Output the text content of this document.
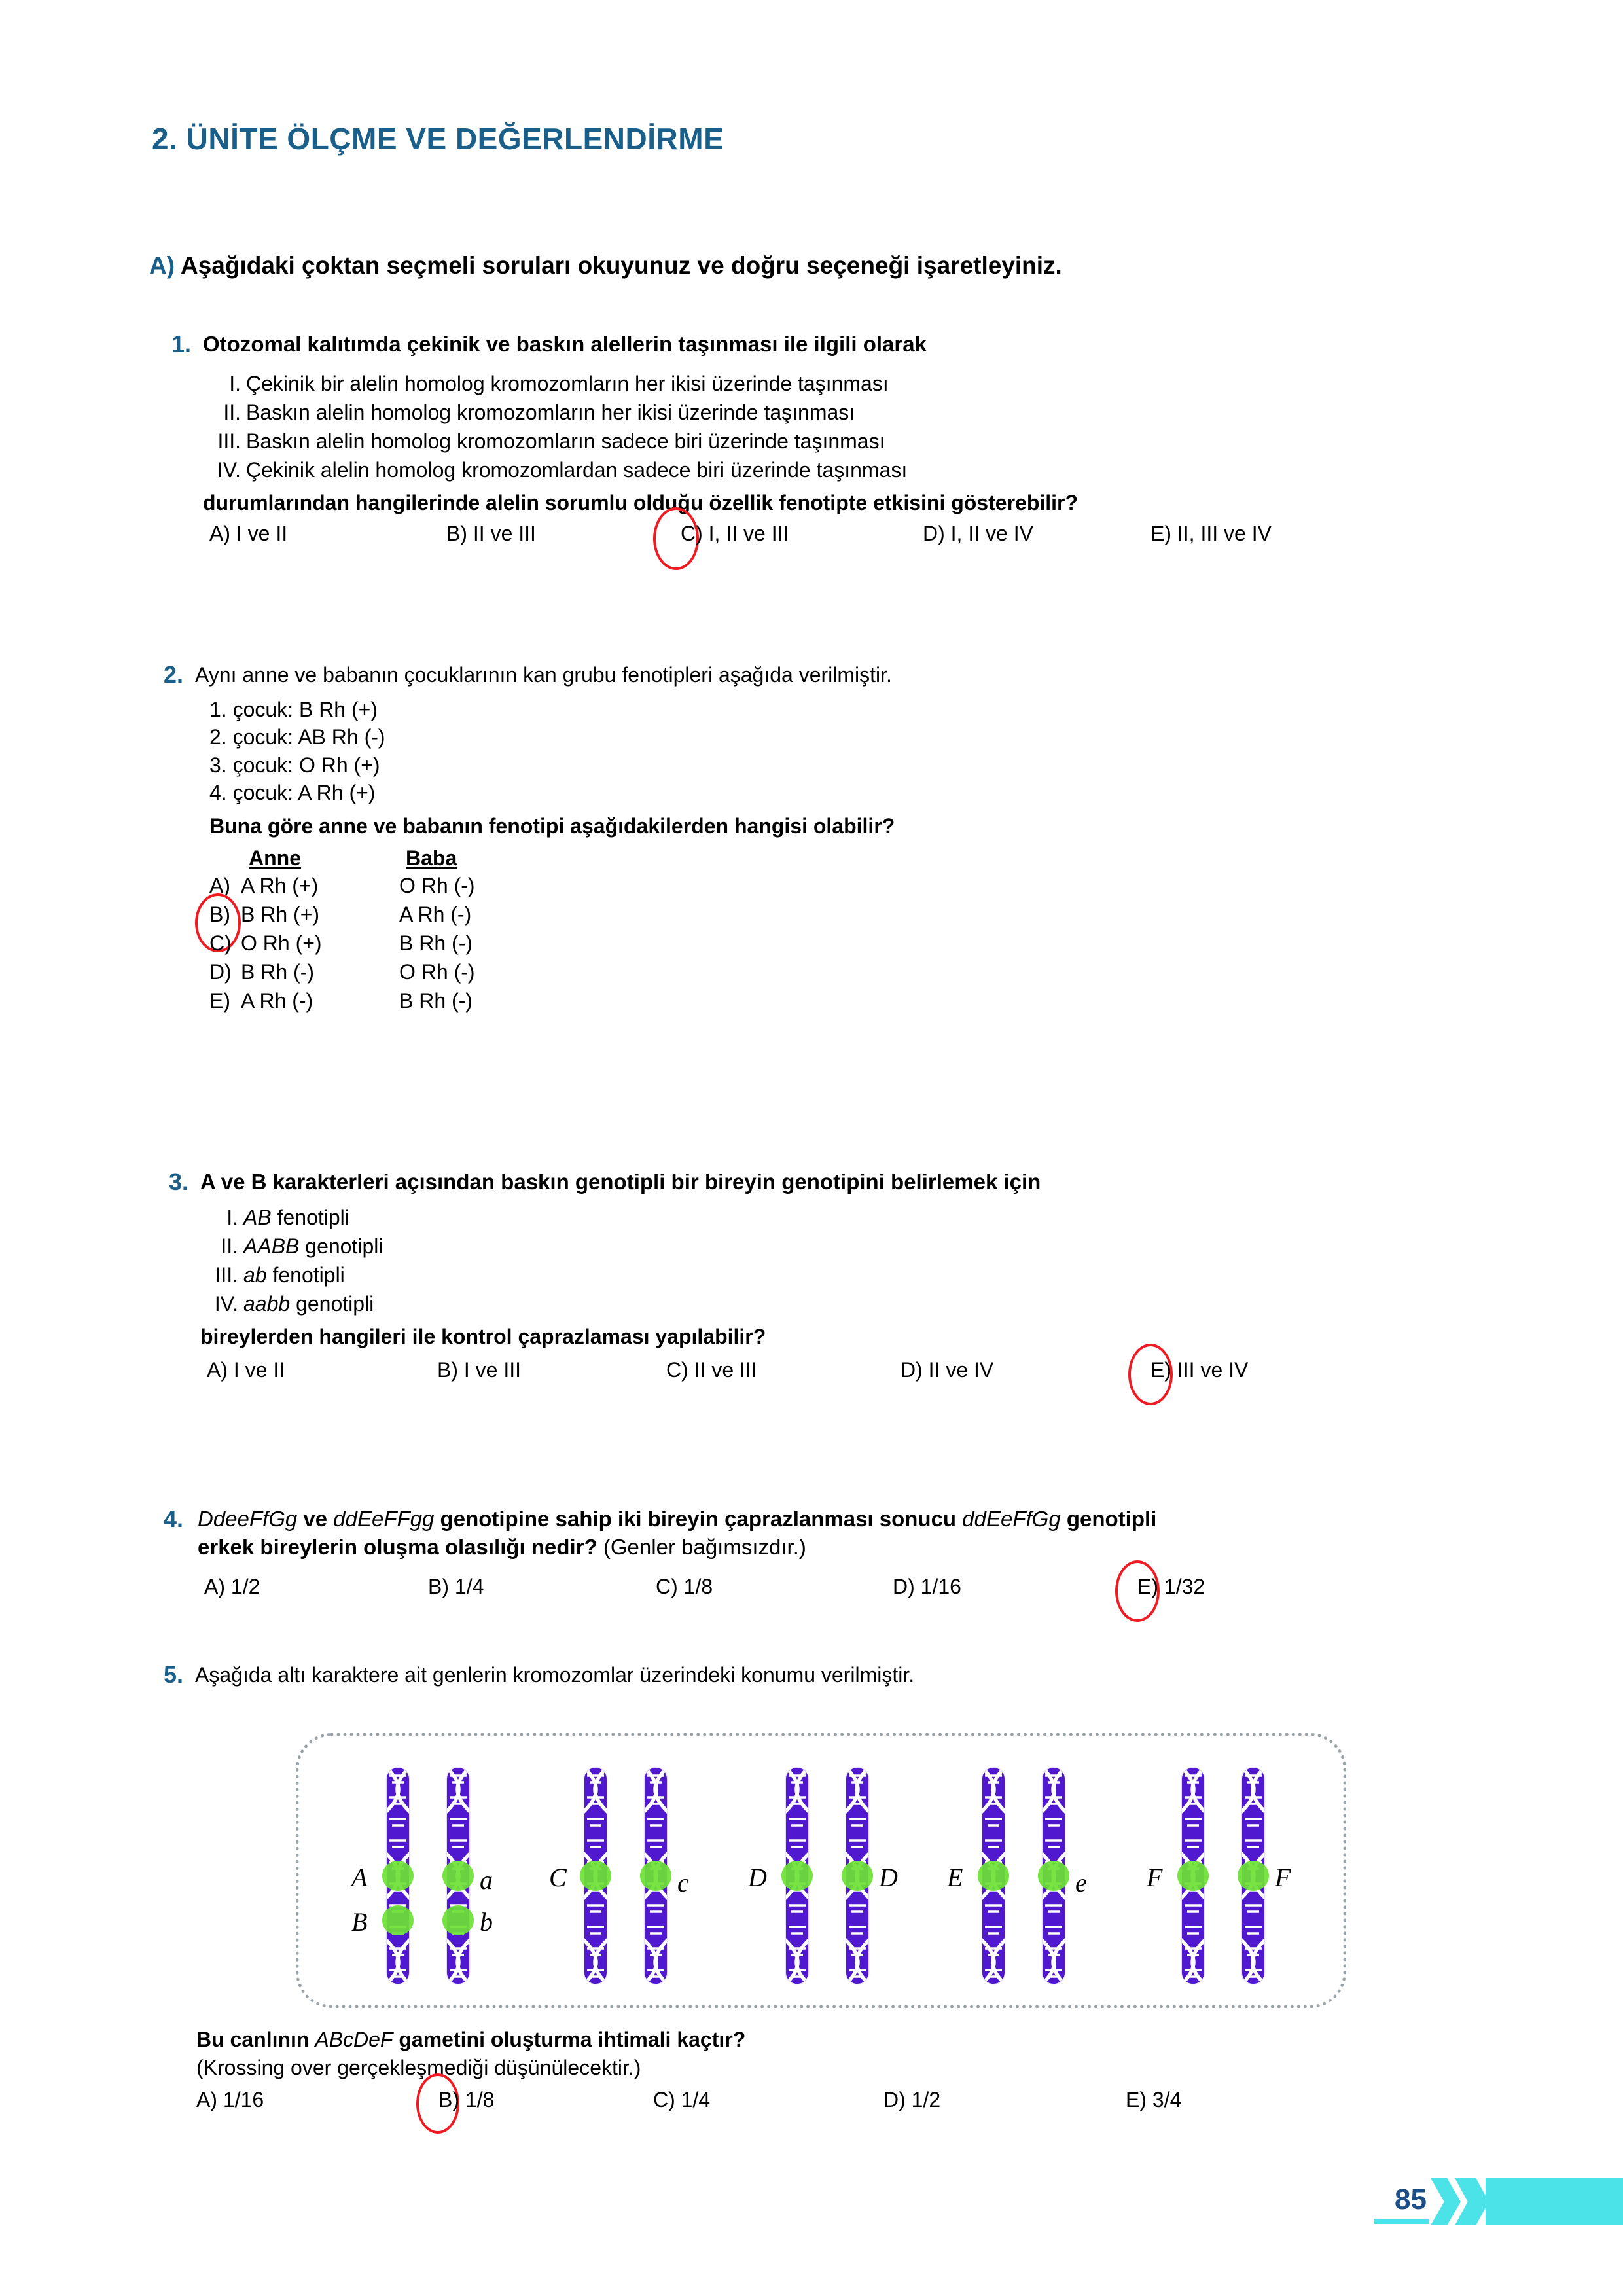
2. ÜNİTE ÖLÇME VE DEĞERLENDİRME
A) Aşağıdaki çoktan seçmeli soruları okuyunuz ve doğru seçeneği işaretleyiniz.
1. Otozomal kalıtımda çekinik ve baskın alellerin taşınması ile ilgili olarak
I. Çekinik bir alelin homolog kromozomların her ikisi üzerinde taşınması
II. Baskın alelin homolog kromozomların her ikisi üzerinde taşınması
III. Baskın alelin homolog kromozomların sadece biri üzerinde taşınması
IV. Çekinik alelin homolog kromozomlardan sadece biri üzerinde taşınması
durumlarından hangilerinde alelin sorumlu olduğu özellik fenotipte etkisini gösterebilir?
A) I ve II	B) II ve III	C) I, II ve III	D) I, II ve IV	E) II, III ve IV
2. Aynı anne ve babanın çocuklarının kan grubu fenotipleri aşağıda verilmiştir.
1. çocuk: B Rh (+)
2. çocuk: AB Rh (-)
3. çocuk: O Rh (+)
4. çocuk: A Rh (+)
Buna göre anne ve babanın fenotipi aşağıdakilerden hangisi olabilir?
Anne	Baba
A) A Rh (+)	O Rh (-)
B) B Rh (+)	A Rh (-)
C) O Rh (+)	B Rh (-)
D) B Rh (-)	O Rh (-)
E) A Rh (-)	B Rh (-)
3. A ve B karakterleri açısından baskın genotipli bir bireyin genotipini belirlemek için
I. AB fenotipli
II. AABB genotipli
III. ab fenotipli
IV. aabb genotipli
bireylerden hangileri ile kontrol çaprazlaması yapılabilir?
A) I ve II	B) I ve III	C) II ve III	D) II ve IV	E) III ve IV
4. DdeeFfGg ve ddEeFFgg genotipine sahip iki bireyin çaprazlanması sonucu ddEeFfGg genotipli
erkek bireylerin oluşma olasılığı nedir? (Genler bağımsızdır.)
A) 1/2	B) 1/4	C) 1/8	D) 1/16	E) 1/32
5. Aşağıda altı karaktere ait genlerin kromozomlar üzerindeki konumu verilmiştir.
A
B
a
b
C	c D	D E	e F	F
Bu canlının ABcDeF gametini oluşturma ihtimali kaçtır?
(Krossing over gerçekleşmediği düşünülecektir.)
A) 1/16	B) 1/8	C) 1/4	D) 1/2	E) 3/4
85
